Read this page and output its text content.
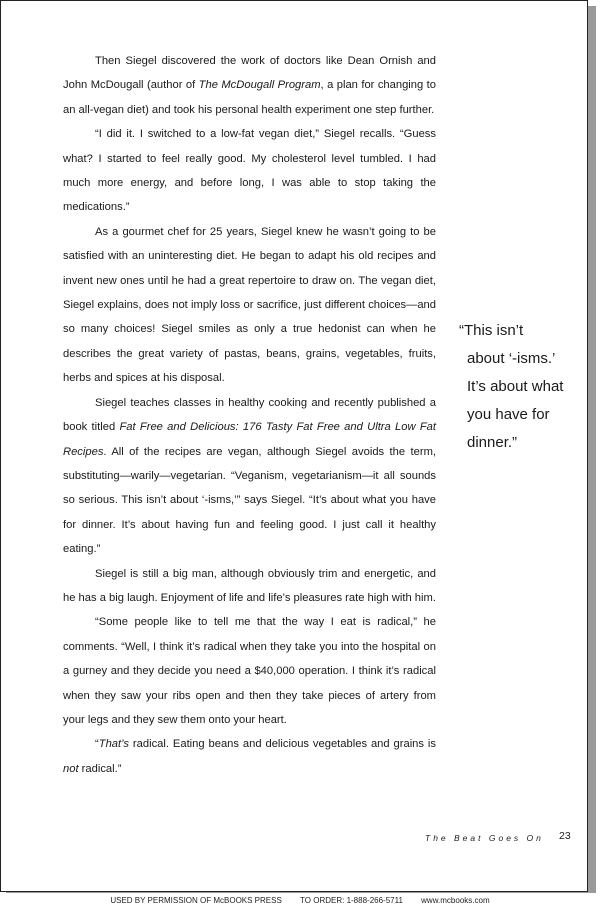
Then Siegel discovered the work of doctors like Dean Ornish and John McDougall (author of The McDougall Program, a plan for changing to an all-vegan diet) and took his personal health experiment one step further.

“I did it. I switched to a low-fat vegan diet,” Siegel recalls. “Guess what? I started to feel really good. My cholesterol level tumbled. I had much more energy, and before long, I was able to stop taking the medications.”

As a gourmet chef for 25 years, Siegel knew he wasn’t going to be satisfied with an uninteresting diet. He began to adapt his old recipes and invent new ones until he had a great repertoire to draw on. The vegan diet, Siegel explains, does not imply loss or sacrifice, just different choices—and so many choices! Siegel smiles as only a true hedonist can when he describes the great variety of pastas, beans, grains, vegetables, fruits, herbs and spices at his disposal.

Siegel teaches classes in healthy cooking and recently published a book titled Fat Free and Delicious: 176 Tasty Fat Free and Ultra Low Fat Recipes. All of the recipes are vegan, although Siegel avoids the term, substituting—warily—vegetarian. “Veganism, vegetarianism—it all sounds so serious. This isn’t about ‘-isms,’” says Siegel. “It’s about what you have for dinner. It’s about having fun and feeling good. I just call it healthy eating.”

Siegel is still a big man, although obviously trim and energetic, and he has a big laugh. Enjoyment of life and life’s pleasures rate high with him.

“Some people like to tell me that the way I eat is radical,” he comments. “Well, I think it’s radical when they take you into the hospital on a gurney and they decide you need a $40,000 operation. I think it’s radical when they saw your ribs open and then they take pieces of artery from your legs and they sew them onto your heart.

“That’s radical. Eating beans and delicious vegetables and grains is not radical.”

“This isn’t
about ‘-isms.’
It’s about what
you have for
dinner.”
The Beat Goes On 23
USED BY PERMISSION OF McBOOKS PRESS TO ORDER: 1-888-266-5711 www.mcbooks.com
